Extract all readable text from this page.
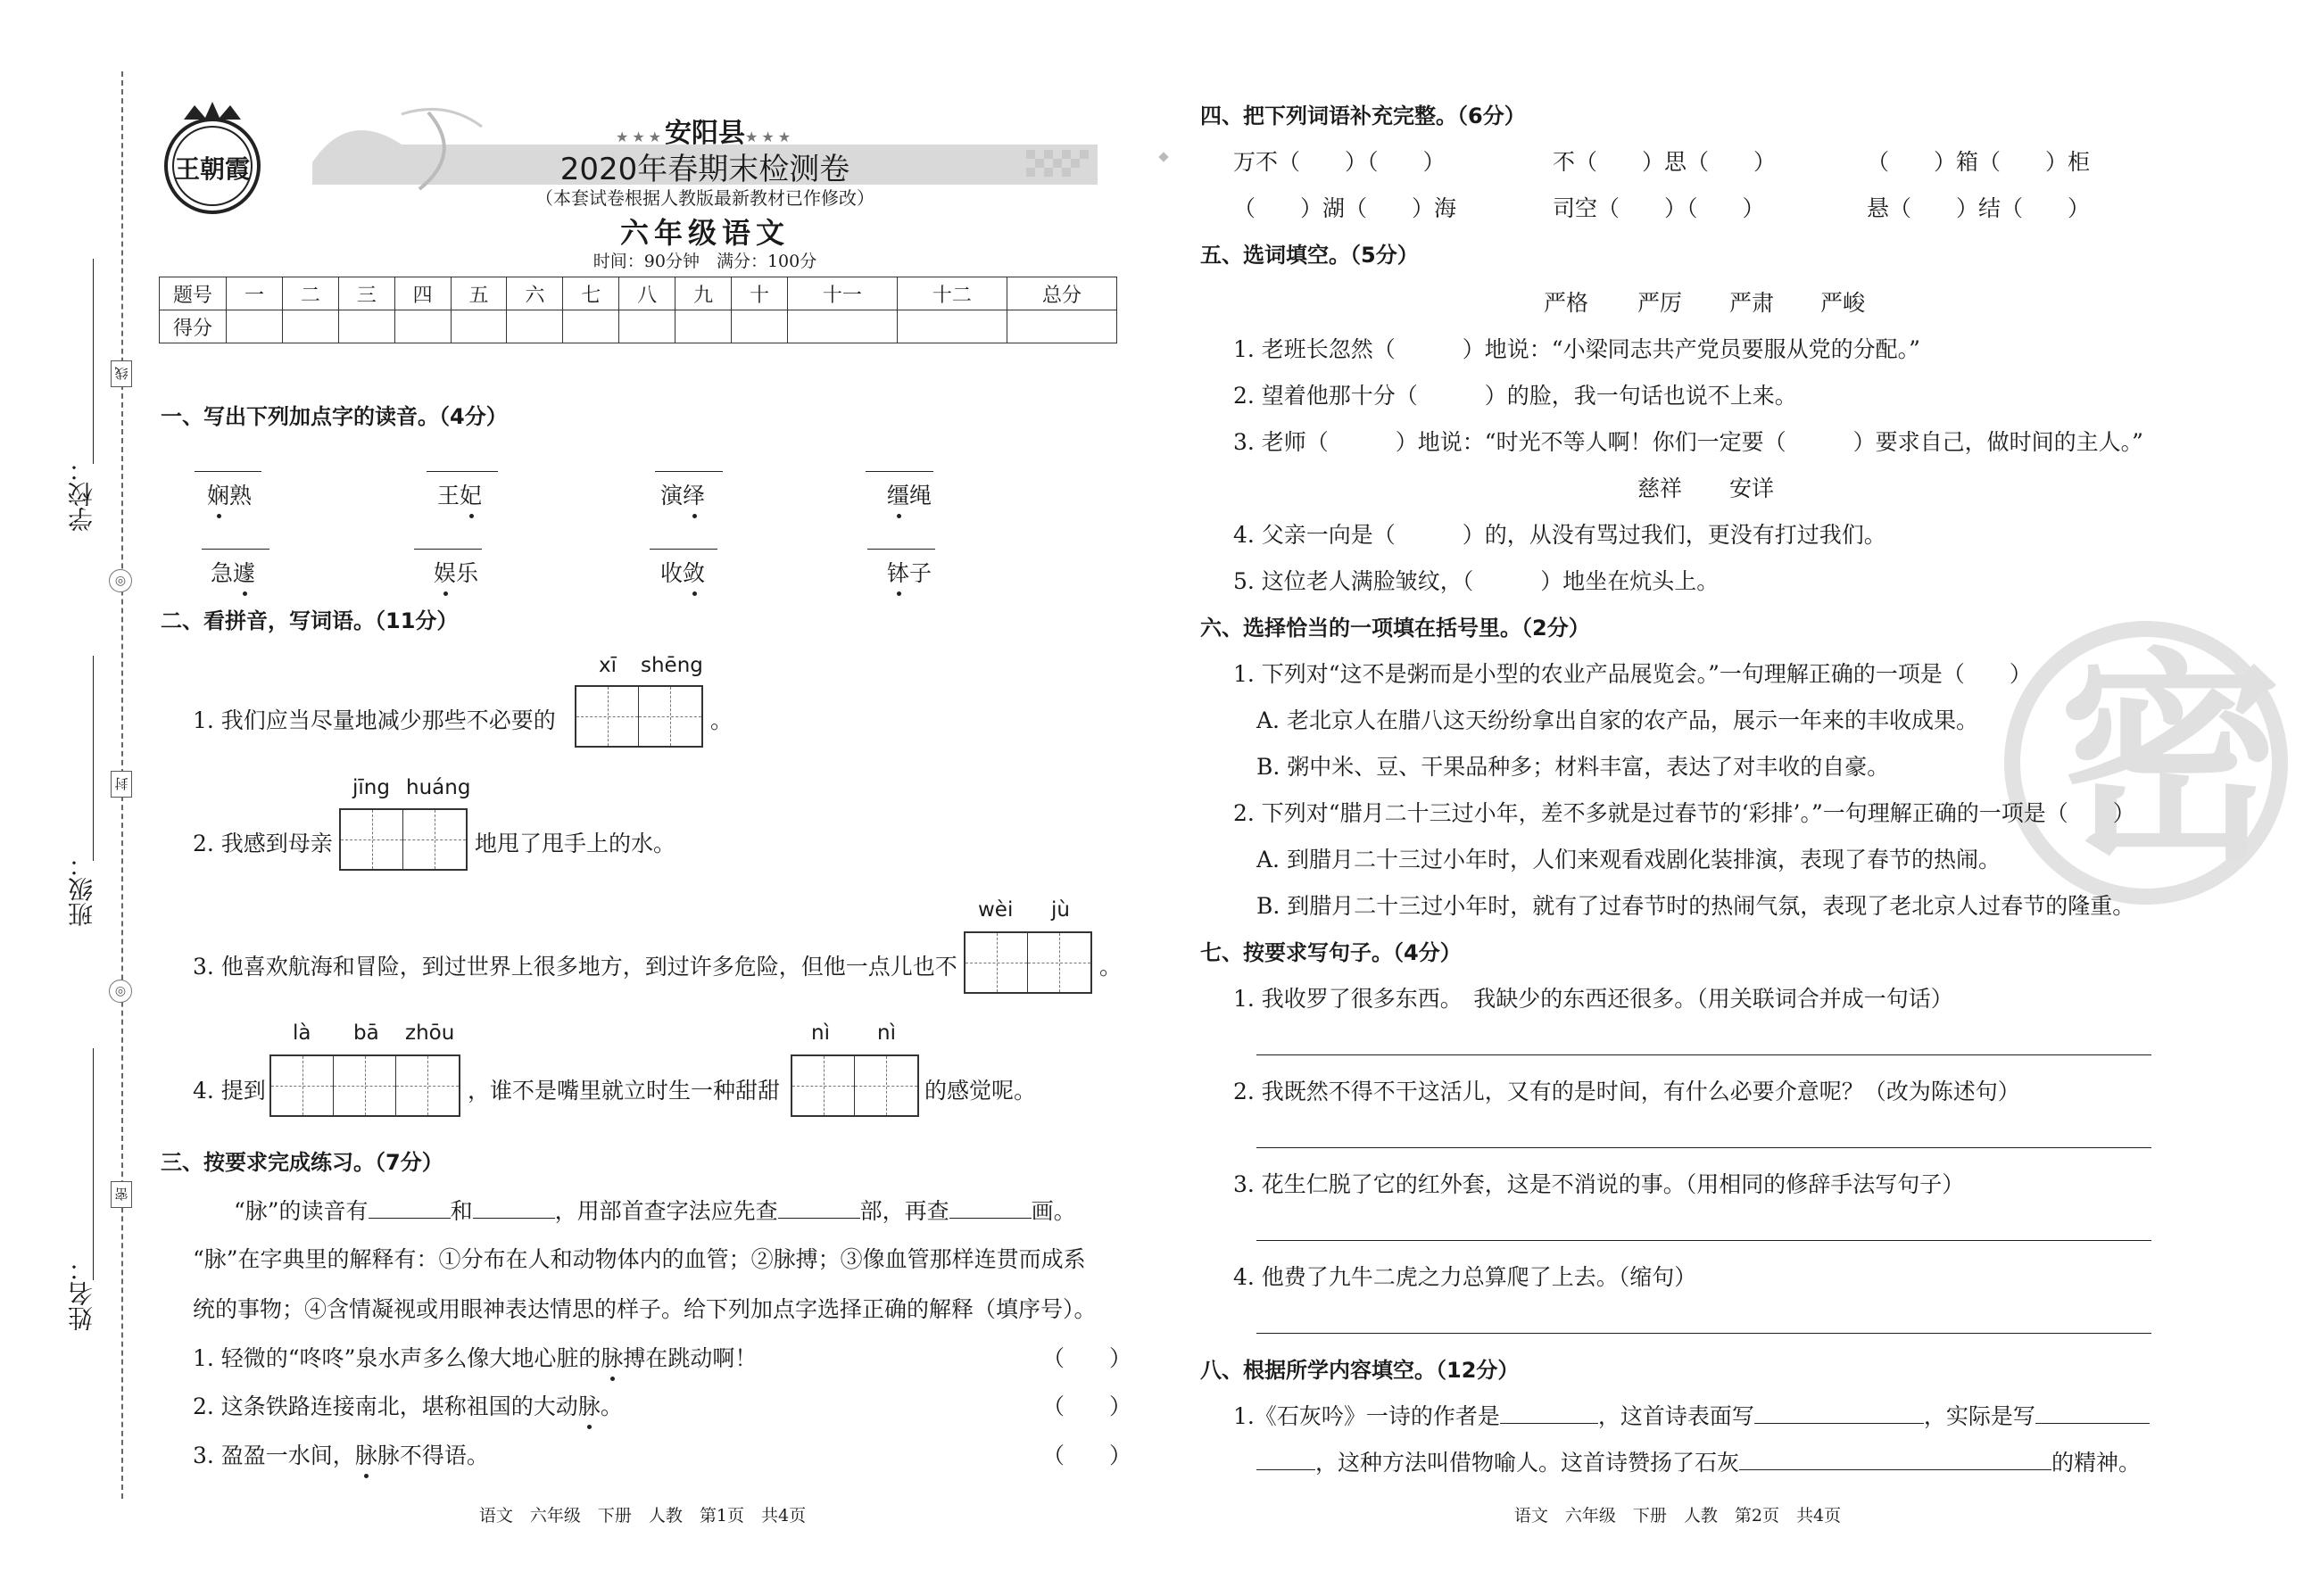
学校：
班级：
姓名：
线
封
密
◎
◎
王朝霞
★★★安阳县★★★
2020年春期末检测卷
（本套试卷根据人教版最新教材已作修改）
六年级语文
时间：90分钟　满分：100分
题号	一	二	三	四	五	六	七	八	九	十	十一	十二	总分
得分													
一、写出下列加点字的读音。（4分）
娴熟	王妃	演绎	缰绳
急遽	娱乐	收敛	钵子
二、看拼音，写词语。（11分）
xī shēng
1. 我们应当尽量地减少那些不必要的	。
jīng huáng
2. 我感到母亲	地甩了甩手上的水。
wèi jù
3. 他喜欢航海和冒险，到过世界上很多地方，到过许多危险，但他一点儿也不	。
là bā zhōu	nì nì
4. 提到	，谁不是嘴里就立时生一种甜甜	的感觉呢。
三、按要求完成练习。（7分）
“脉”的读音有	和	，用部首查字法应先查	部，再查	画。
“脉”在字典里的解释有：①分布在人和动物体内的血管；②脉搏；③像血管那样连贯而成系
统的事物；④含情凝视或用眼神表达情思的样子。给下列加点字选择正确的解释（填序号）。
1. 轻微的“咚咚”泉水声多么像大地心脏的脉搏在跳动啊！	（　　）
2. 这条铁路连接南北，堪称祖国的大动脉。	（　　）
3. 盈盈一水间，脉脉不得语。	（　　）
语文　六年级　下册　人教　第1页　共4页
密
四、把下列词语补充完整。（6分）
万不（　　）（　　）	不（　　）思（　　）	（　　）箱（　　）柜
（　　）湖（　　）海	司空（　　）（　　）	悬（　　）结（　　）
五、选词填空。（5分）
严格 严厉 严肃 严峻
1. 老班长忽然（　　　）地说：“小梁同志共产党员要服从党的分配。”
2. 望着他那十分（　　　）的脸，我一句话也说不上来。
3. 老师（　　　）地说：“时光不等人啊！你们一定要（　　　）要求自己，做时间的主人。”
慈祥 安详
4. 父亲一向是（　　　）的，从没有骂过我们，更没有打过我们。
5. 这位老人满脸皱纹，（　　　）地坐在炕头上。
六、选择恰当的一项填在括号里。（2分）
1. 下列对“这不是粥而是小型的农业产品展览会。”一句理解正确的一项是（　　）
A. 老北京人在腊八这天纷纷拿出自家的农产品，展示一年来的丰收成果。
B. 粥中米、豆、干果品种多；材料丰富，表达了对丰收的自豪。
2. 下列对“腊月二十三过小年，差不多就是过春节的‘彩排’。”一句理解正确的一项是（　　）
A. 到腊月二十三过小年时，人们来观看戏剧化装排演，表现了春节的热闹。
B. 到腊月二十三过小年时，就有了过春节时的热闹气氛，表现了老北京人过春节的隆重。
七、按要求写句子。（4分）
1. 我收罗了很多东西。　我缺少的东西还很多。（用关联词合并成一句话）
2. 我既然不得不干这活儿，又有的是时间，有什么必要介意呢？（改为陈述句）
3. 花生仁脱了它的红外套，这是不消说的事。（用相同的修辞手法写句子）
4. 他费了九牛二虎之力总算爬了上去。（缩句）
八、根据所学内容填空。（12分）
1.《石灰吟》一诗的作者是	，这首诗表面写	，实际是写
，这种方法叫借物喻人。这首诗赞扬了石灰	的精神。
语文　六年级　下册　人教　第2页　共4页
